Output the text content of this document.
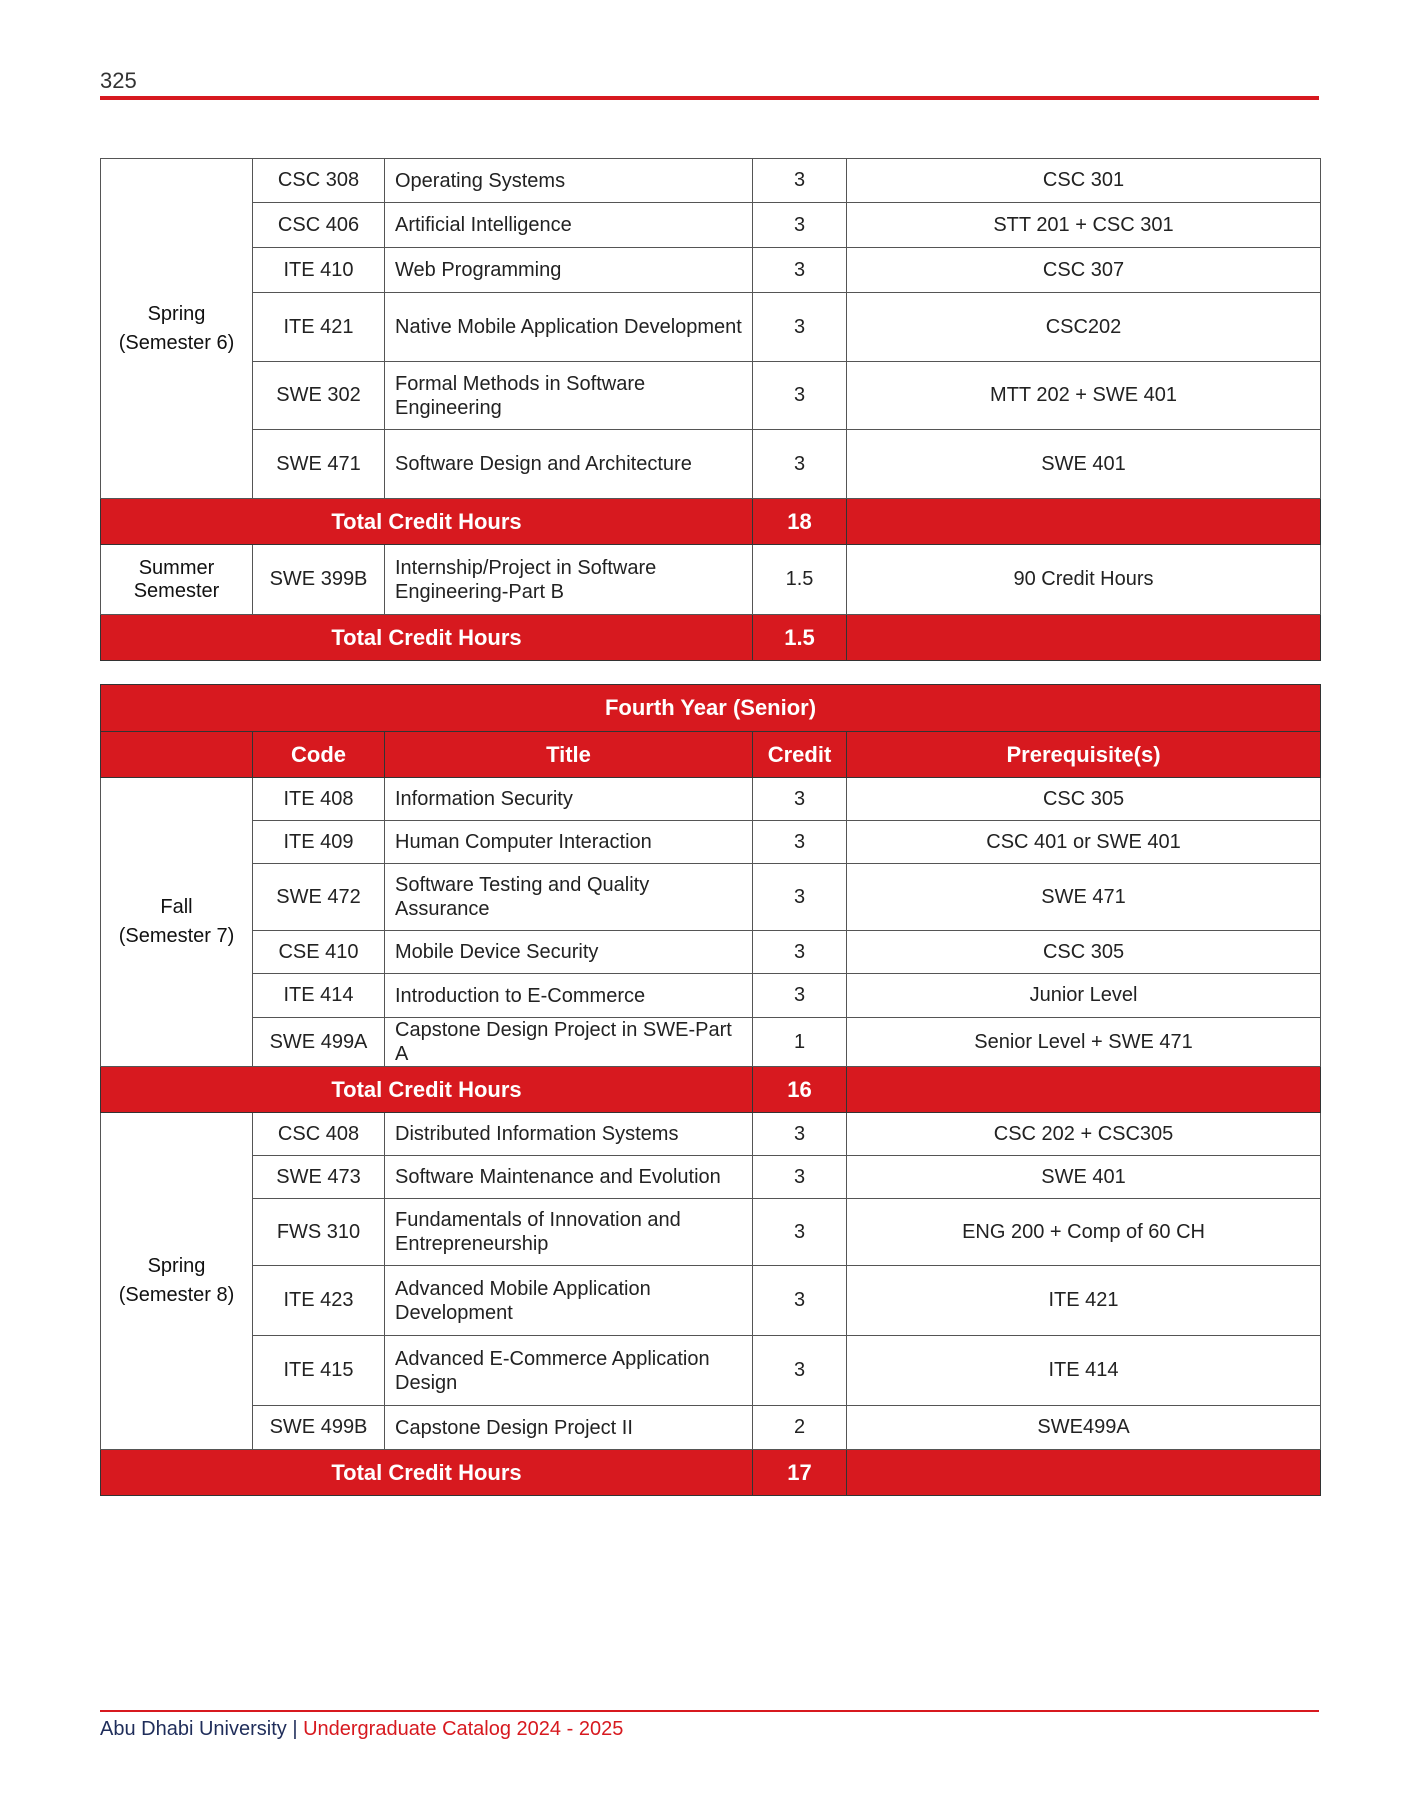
325
Spring
(Semester 6)	CSC 308	Operating Systems	3	CSC 301
	CSC 406	Artificial Intelligence	3	STT 201 + CSC 301
	ITE 410	Web Programming	3	CSC 307
	ITE 421	Native Mobile Application Development	3	CSC202
	SWE 302	Formal Methods in Software Engineering	3	MTT 202 + SWE 401
	SWE 471	Software Design and Architecture	3	SWE 401
Total Credit Hours			18	
Summer Semester	SWE 399B	Internship/Project in Software Engineering-Part B	1.5	90 Credit Hours
Total Credit Hours			1.5	
Fourth Year (Senior)				
	Code	Title	Credit	Prerequisite(s)

Fall
(Semester 7)	ITE 408	Information Security	3	CSC 305
	ITE 409	Human Computer Interaction	3	CSC 401 or SWE 401
	SWE 472	Software Testing and Quality Assurance	3	SWE 471
	CSE 410	Mobile Device Security	3	CSC 305
	ITE 414	Introduction to E-Commerce	3	Junior Level
	SWE 499A	Capstone Design Project in SWE-Part A	1	Senior Level + SWE 471
Total Credit Hours			16	

Spring
(Semester 8)	CSC 408	Distributed Information Systems	3	CSC 202 + CSC305
	SWE 473	Software Maintenance and Evolution	3	SWE 401
	FWS 310	Fundamentals of Innovation and Entrepreneurship	3	ENG 200 + Comp of 60 CH
	ITE 423	Advanced Mobile Application Development	3	ITE 421
	ITE 415	Advanced E-Commerce Application Design	3	ITE 414
	SWE 499B	Capstone Design Project II	2	SWE499A
Total Credit Hours			17	
Abu Dhabi University | Undergraduate Catalog 2024 - 2025
